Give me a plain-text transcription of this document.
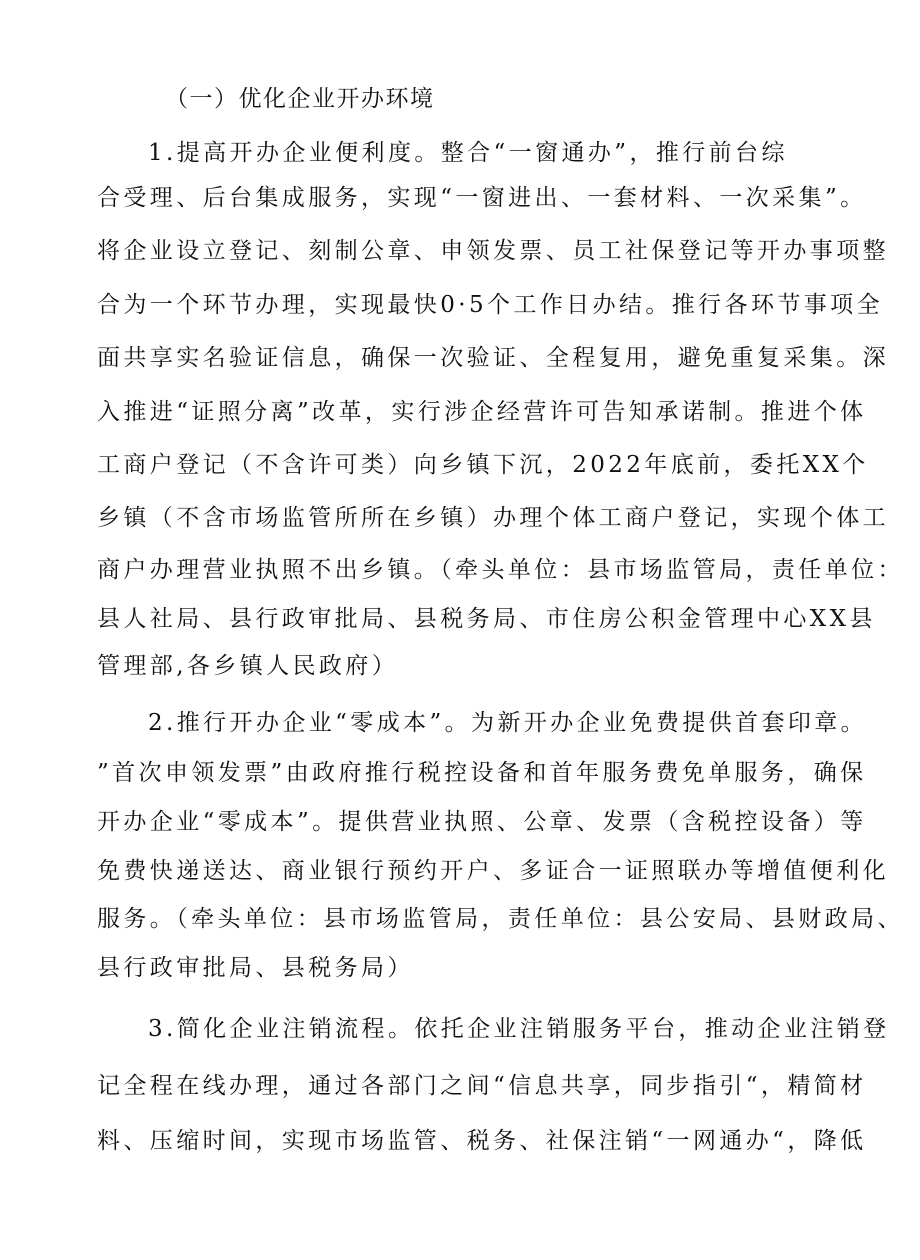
（一）优化企业开办环境
1.提高开办企业便利度。整合“一窗通办”，推行前台综
合受理、后台集成服务，实现“一窗进出、一套材料、一次采集”。
将企业设立登记、刻制公章、申领发票、员工社保登记等开办事项整
合为一个环节办理，实现最快0·5个工作日办结。推行各环节事项全
面共享实名验证信息，确保一次验证、全程复用，避免重复采集。深
入推进“证照分离”改革，实行涉企经营许可告知承诺制。推进个体
工商户登记（不含许可类）向乡镇下沉，2022年底前，委托XX个
乡镇（不含市场监管所所在乡镇）办理个体工商户登记，实现个体工
商户办理营业执照不出乡镇。（牵头单位：县市场监管局，责任单位：
县人社局、县行政审批局、县税务局、市住房公积金管理中心XX县
管理部,各乡镇人民政府）
2.推行开办企业“零成本”。为新开办企业免费提供首套印章。
”首次申领发票”由政府推行税控设备和首年服务费免单服务，确保
开办企业“零成本”。提供营业执照、公章、发票（含税控设备）等
免费快递送达、商业银行预约开户、多证合一证照联办等增值便利化
服务。（牵头单位：县市场监管局，责任单位：县公安局、县财政局、
县行政审批局、县税务局）
3.简化企业注销流程。依托企业注销服务平台，推动企业注销登
记全程在线办理，通过各部门之间“信息共享，同步指引“，精简材
料、压缩时间，实现市场监管、税务、社保注销“一网通办“，降低
